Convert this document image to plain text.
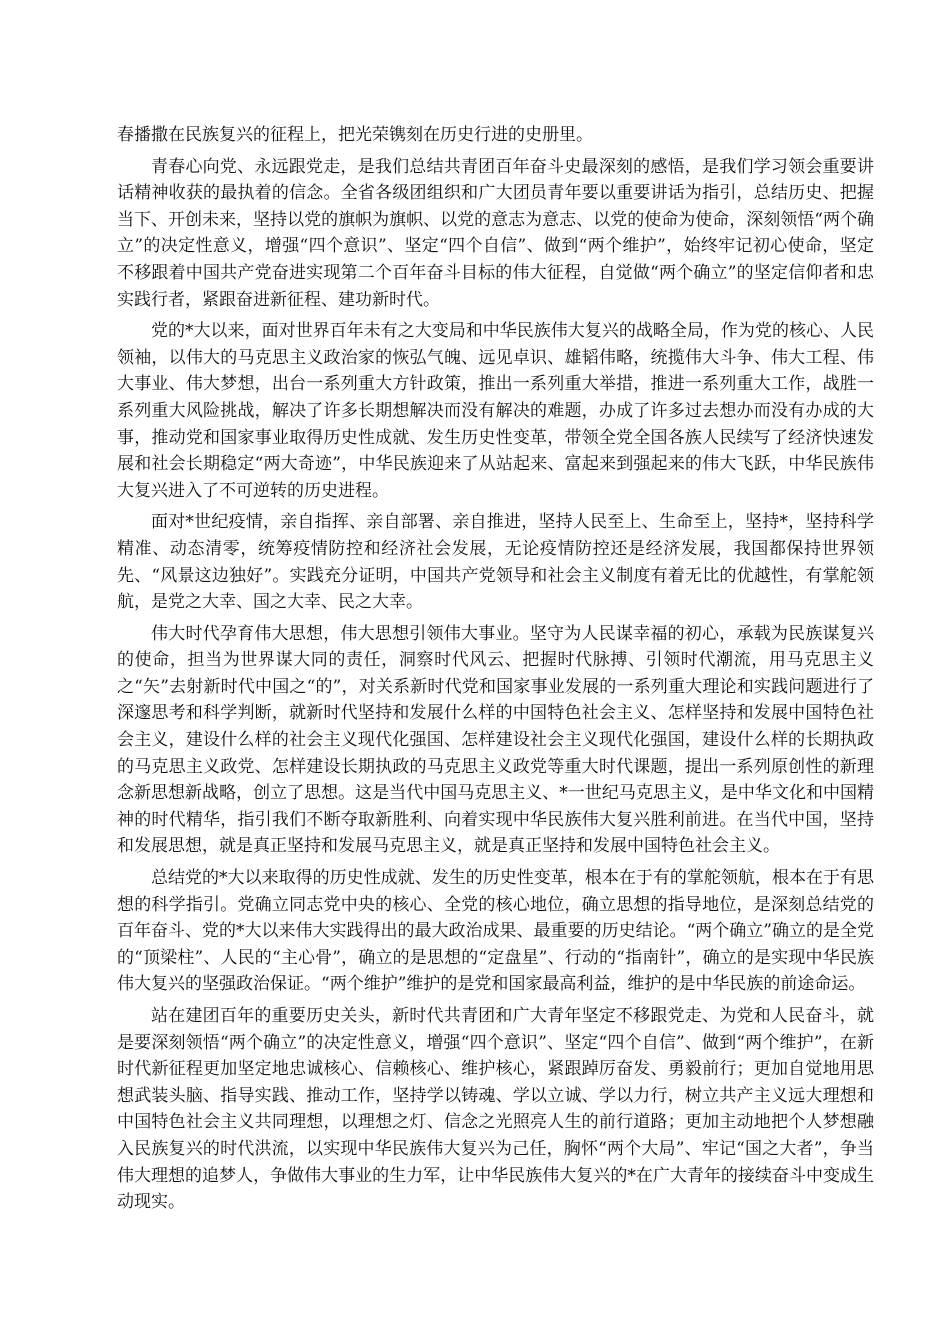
春播撒在民族复兴的征程上，把光荣镌刻在历史行进的史册里。

青春心向党、永远跟党走，是我们总结共青团百年奋斗史最深刻的感悟，是我们学习领会重要讲话精神收获的最执着的信念。全省各级团组织和广大团员青年要以重要讲话为指引，总结历史、把握当下、开创未来，坚持以党的旗帜为旗帜、以党的意志为意志、以党的使命为使命，深刻领悟“两个确立”的决定性意义，增强“四个意识”、坚定“四个自信”、做到“两个维护”，始终牢记初心使命，坚定不移跟着中国共产党奋进实现第二个百年奋斗目标的伟大征程，自觉做“两个确立”的坚定信仰者和忠实践行者，紧跟奋进新征程、建功新时代。

党的*大以来，面对世界百年未有之大变局和中华民族伟大复兴的战略全局，作为党的核心、人民领袖，以伟大的马克思主义政治家的恢弘气魄、远见卓识、雄韬伟略，统揽伟大斗争、伟大工程、伟大事业、伟大梦想，出台一系列重大方针政策，推出一系列重大举措，推进一系列重大工作，战胜一系列重大风险挑战，解决了许多长期想解决而没有解决的难题，办成了许多过去想办而没有办成的大事，推动党和国家事业取得历史性成就、发生历史性变革，带领全党全国各族人民续写了经济快速发展和社会长期稳定“两大奇迹”，中华民族迎来了从站起来、富起来到强起来的伟大飞跃，中华民族伟大复兴进入了不可逆转的历史进程。

面对*世纪疫情，亲自指挥、亲自部署、亲自推进，坚持人民至上、生命至上，坚持*，坚持科学精准、动态清零，统筹疫情防控和经济社会发展，无论疫情防控还是经济发展，我国都保持世界领先、“风景这边独好”。实践充分证明，中国共产党领导和社会主义制度有着无比的优越性，有掌舵领航，是党之大幸、国之大幸、民之大幸。

伟大时代孕育伟大思想，伟大思想引领伟大事业。坚守为人民谋幸福的初心，承载为民族谋复兴的使命，担当为世界谋大同的责任，洞察时代风云、把握时代脉搏、引领时代潮流，用马克思主义之“矢”去射新时代中国之“的”，对关系新时代党和国家事业发展的一系列重大理论和实践问题进行了深邃思考和科学判断，就新时代坚持和发展什么样的中国特色社会主义、怎样坚持和发展中国特色社会主义，建设什么样的社会主义现代化强国、怎样建设社会主义现代化强国，建设什么样的长期执政的马克思主义政党、怎样建设长期执政的马克思主义政党等重大时代课题，提出一系列原创性的新理念新思想新战略，创立了思想。这是当代中国马克思主义、*一世纪马克思主义，是中华文化和中国精神的时代精华，指引我们不断夺取新胜利、向着实现中华民族伟大复兴胜利前进。在当代中国，坚持和发展思想，就是真正坚持和发展马克思主义，就是真正坚持和发展中国特色社会主义。

总结党的*大以来取得的历史性成就、发生的历史性变革，根本在于有的掌舵领航，根本在于有思想的科学指引。党确立同志党中央的核心、全党的核心地位，确立思想的指导地位，是深刻总结党的百年奋斗、党的*大以来伟大实践得出的最大政治成果、最重要的历史结论。“两个确立”确立的是全党的“顶梁柱”、人民的“主心骨”，确立的是思想的“定盘星”、行动的“指南针”，确立的是实现中华民族伟大复兴的坚强政治保证。“两个维护”维护的是党和国家最高利益，维护的是中华民族的前途命运。

站在建团百年的重要历史关头，新时代共青团和广大青年坚定不移跟党走、为党和人民奋斗，就是要深刻领悟“两个确立”的决定性意义，增强“四个意识”、坚定“四个自信”、做到“两个维护”，在新时代新征程更加坚定地忠诚核心、信赖核心、维护核心，紧跟踔厉奋发、勇毅前行；更加自觉地用思想武装头脑、指导实践、推动工作，坚持学以铸魂、学以立诚、学以力行，树立共产主义远大理想和中国特色社会主义共同理想，以理想之灯、信念之光照亮人生的前行道路；更加主动地把个人梦想融入民族复兴的时代洪流，以实现中华民族伟大复兴为己任，胸怀“两个大局”、牢记“国之大者”，争当伟大理想的追梦人，争做伟大事业的生力军，让中华民族伟大复兴的*在广大青年的接续奋斗中变成生动现实。
